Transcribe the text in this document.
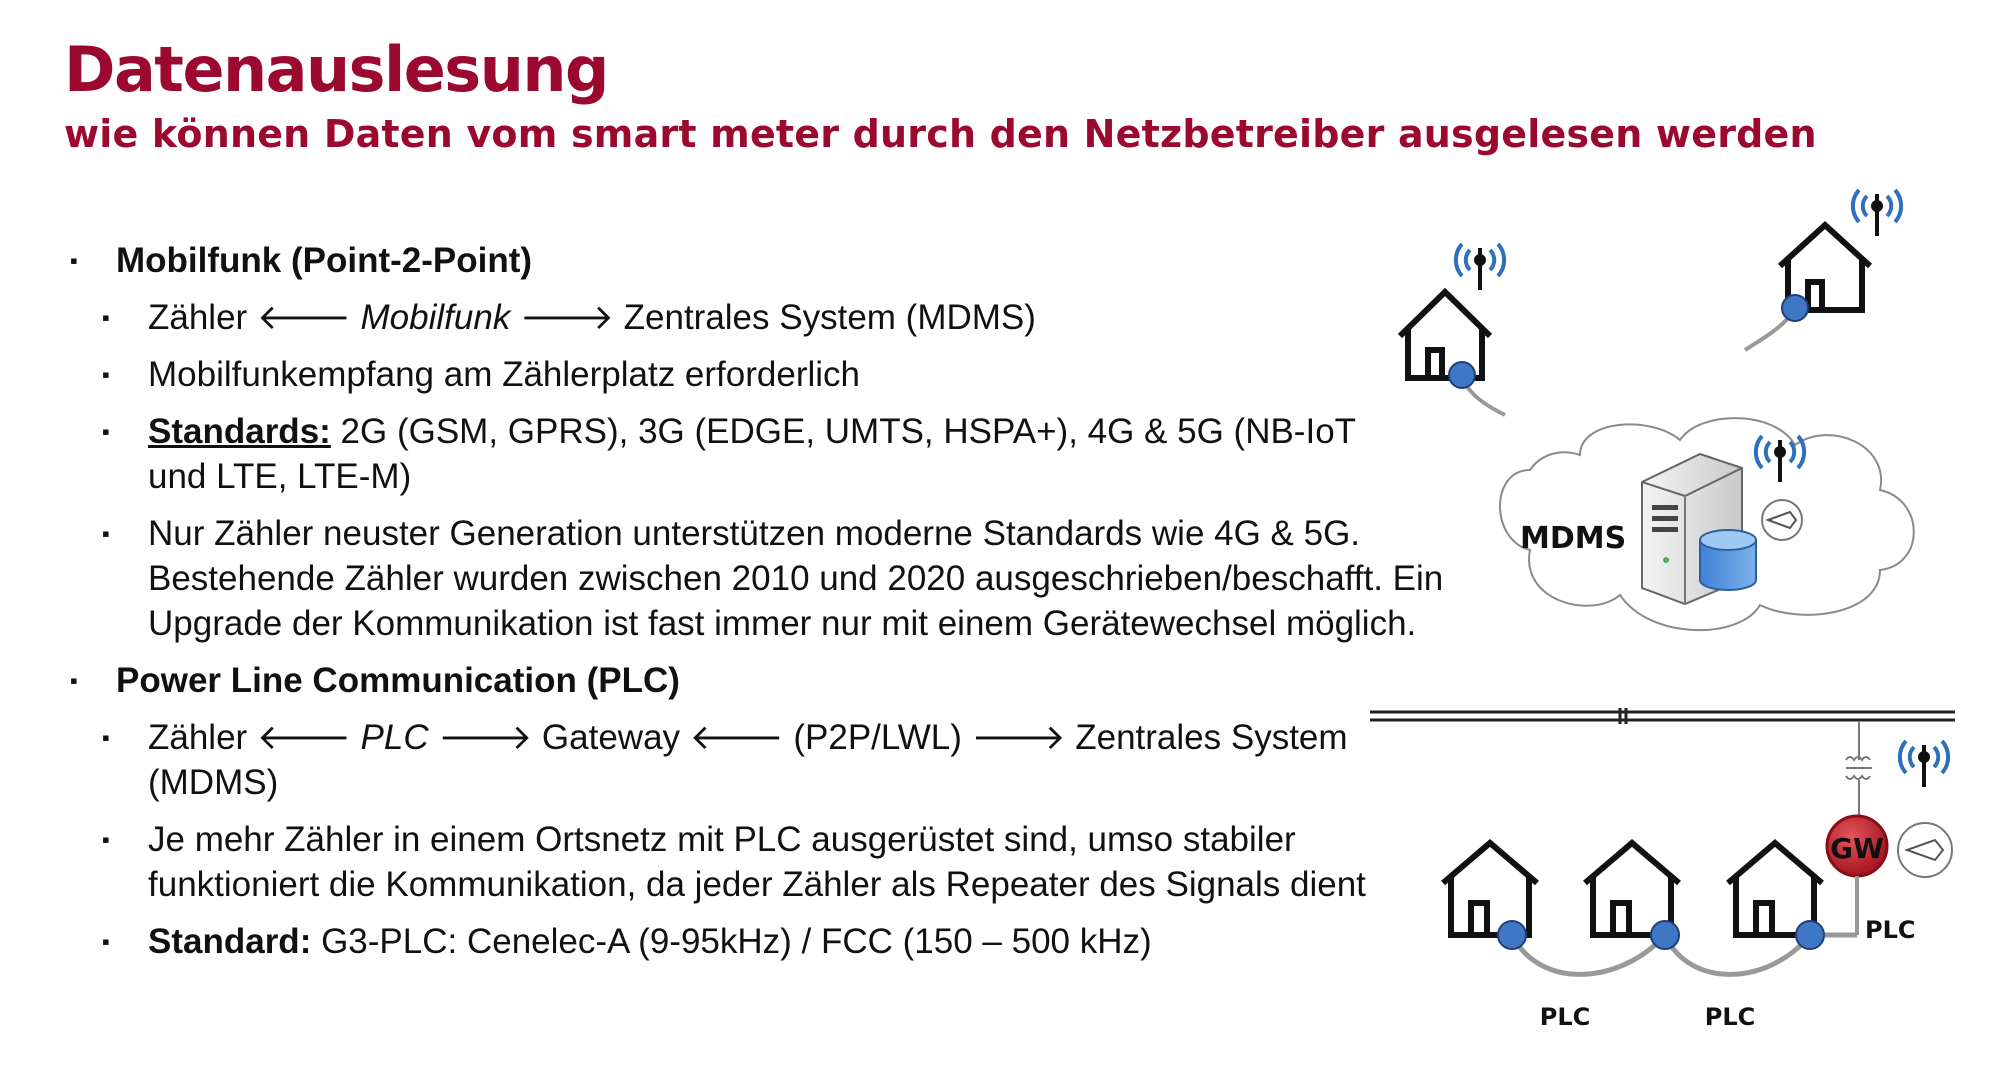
Datenauslesung
wie können Daten vom smart meter durch den Netzbetreiber ausgelesen werden
▪ Mobilfunk (Point-2-Point)
▪ Zähler 🡐 Mobilfunk 🡒 Zentrales System (MDMS)
▪ Mobilfunkempfang am Zählerplatz erforderlich
▪ Standards: 2G (GSM, GPRS), 3G (EDGE, UMTS, HSPA+), 4G & 5G (NB-IoT und LTE, LTE-M)
▪ Nur Zähler neuster Generation unterstützen moderne Standards wie 4G & 5G. Bestehende Zähler wurden zwischen 2010 und 2020 ausgeschrieben/beschafft. Ein Upgrade der Kommunikation ist fast immer nur mit einem Gerätewechsel möglich.
▪ Power Line Communication (PLC)
▪ Zähler 🡐 PLC 🡒 Gateway 🡐 (P2P/LWL) 🡒 Zentrales System (MDMS)
▪ Je mehr Zähler in einem Ortsnetz mit PLC ausgerüstet sind, umso stabiler funktioniert die Kommunikation, da jeder Zähler als Repeater des Signals dient
▪ Standard: G3-PLC: Cenelec-A (9-95kHz) / FCC (150 – 500 kHz)
MDMS
GW
PLC
PLC	PLC
